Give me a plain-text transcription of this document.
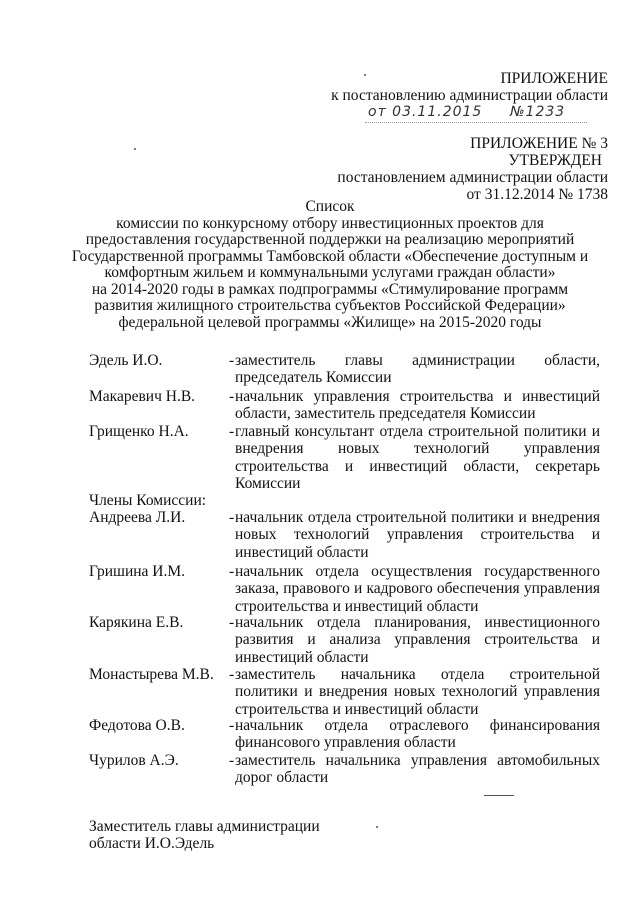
ПРИЛОЖЕНИЕ
к постановлению администрации области
от 03.11.2015 №1233
ПРИЛОЖЕНИЕ № 3
УТВЕРЖДЕН
постановлением администрации области
от 31.12.2014 № 1738
Список
комиссии по конкурсному отбору инвестиционных проектов для
предоставления государственной поддержки на реализацию мероприятий
Государственной программы Тамбовской области «Обеспечение доступным и
комфортным жильем и коммунальными услугами граждан области»
на 2014-2020 годы в рамках подпрограммы «Стимулирование программ
развития жилищного строительства субъектов Российской Федерации»
федеральной целевой программы «Жилище» на 2015-2020 годы
Эдель И.О.	- заместитель главы администрации области, председатель Комиссии
Макаревич Н.В. - начальник управления строительства и инвестиций области, заместитель председателя Комиссии
Грищенко Н.А.	- главный консультант отдела строительной политики и внедрения новых технологий управления строительства и инвестиций области, секретарь Комиссии
Члены Комиссии:
Андреева Л.И.	- начальник отдела строительной политики и внедрения новых технологий управления строительства и инвестиций области
Гришина И.М.	- начальник отдела осуществления государственного заказа, правового и кадрового обеспечения управления строительства и инвестиций области
Карякина Е.В.	- начальник отдела планирования, инвестиционного развития и анализа управления строительства и инвестиций области
Монастырева М.В. - заместитель начальника отдела строительной политики и внедрения новых технологий управления строительства и инвестиций области
Федотова О.В.	- начальник отдела отраслевого финансирования финансового управления области
Чурилов А.Э.	- заместитель начальника управления автомобильных дорог области
Заместитель главы администрации
области И.О.Эдель
